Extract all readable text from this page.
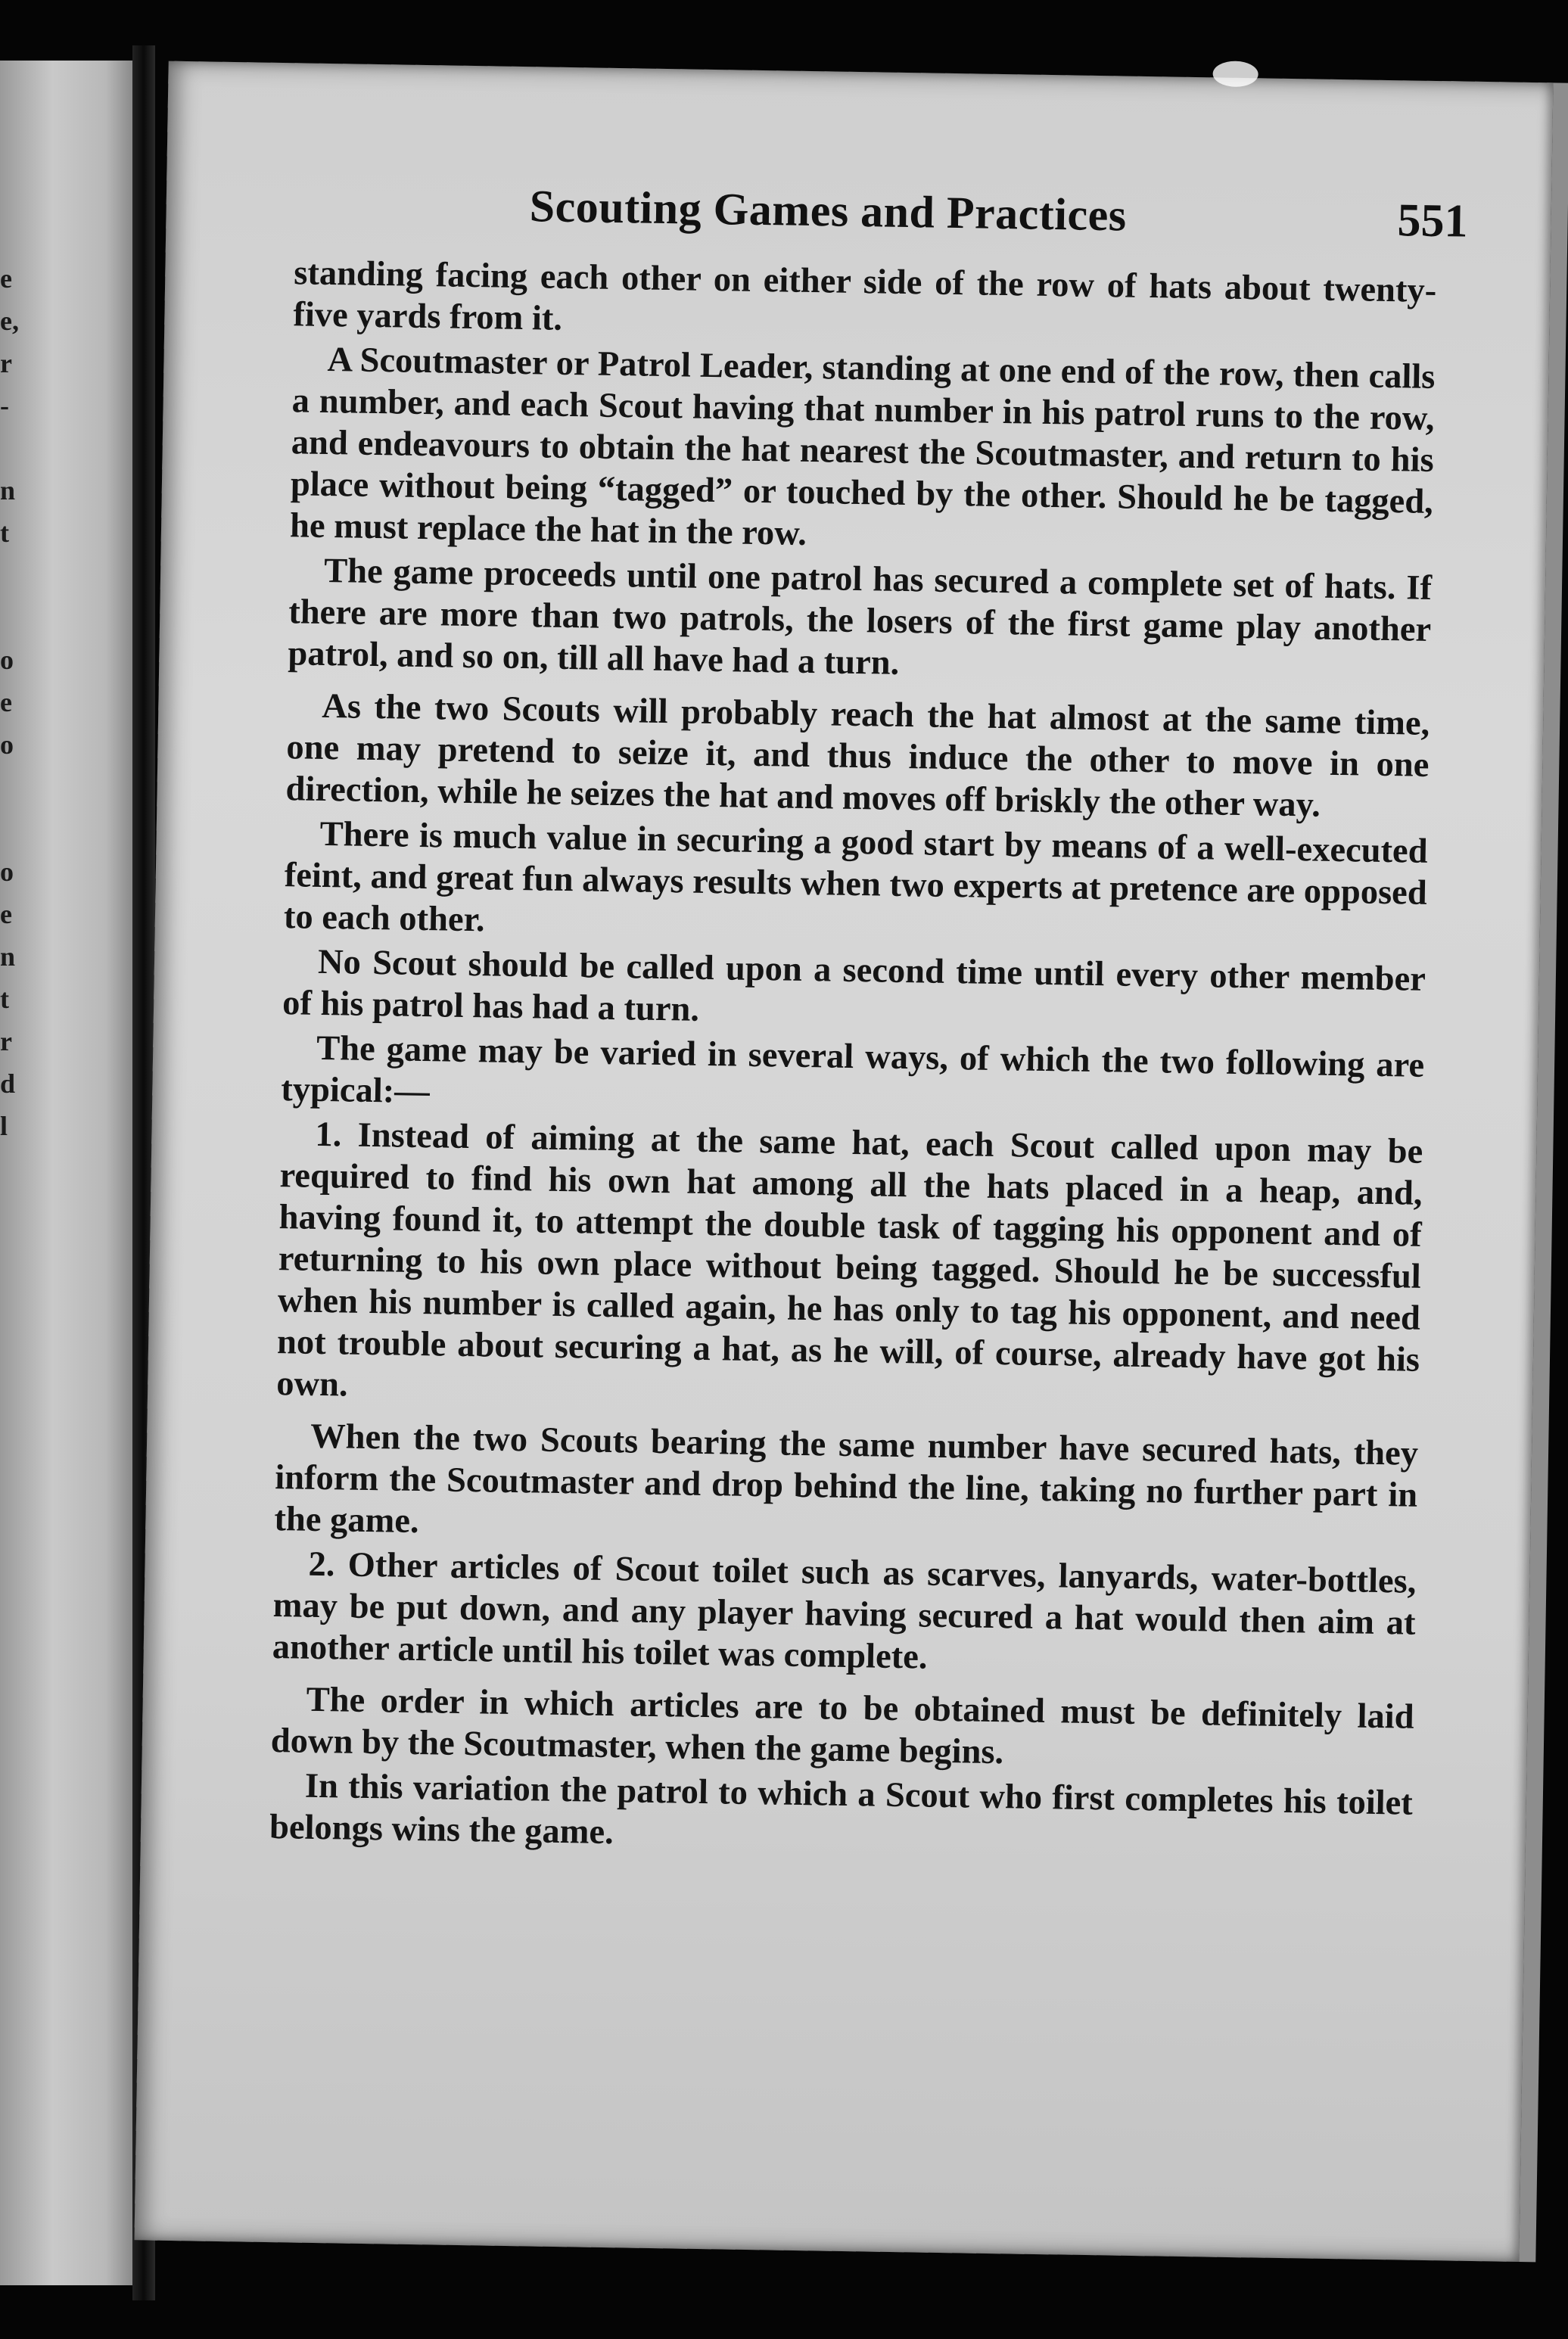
e
e,
r
-
n
t
o
e
o
o
e
n
t
r
d
l
Scouting Games and Practices	551

standing facing each other on either side of the row of hats about twenty-five yards from it.

A Scoutmaster or Patrol Leader, standing at one end of the row, then calls a number, and each Scout having that number in his patrol runs to the row, and endeavours to obtain the hat nearest the Scoutmaster, and return to his place without being “tagged” or touched by the other. Should he be tagged, he must replace the hat in the row.

The game proceeds until one patrol has secured a complete set of hats. If there are more than two patrols, the losers of the first game play another patrol, and so on, till all have had a turn.

As the two Scouts will probably reach the hat almost at the same time, one may pretend to seize it, and thus induce the other to move in one direction, while he seizes the hat and moves off briskly the other way.

There is much value in securing a good start by means of a well-executed feint, and great fun always results when two experts at pretence are opposed to each other.

No Scout should be called upon a second time until every other member of his patrol has had a turn.

The game may be varied in several ways, of which the two following are typical:—

1. Instead of aiming at the same hat, each Scout called upon may be required to find his own hat among all the hats placed in a heap, and, having found it, to attempt the double task of tagging his opponent and of returning to his own place without being tagged. Should he be successful when his number is called again, he has only to tag his opponent, and need not trouble about securing a hat, as he will, of course, already have got his own.

When the two Scouts bearing the same number have secured hats, they inform the Scoutmaster and drop behind the line, taking no further part in the game.

2. Other articles of Scout toilet such as scarves, lanyards, water-bottles, may be put down, and any player having secured a hat would then aim at another article until his toilet was complete.

The order in which articles are to be obtained must be definitely laid down by the Scoutmaster, when the game begins.

In this variation the patrol to which a Scout who first completes his toilet belongs wins the game.
